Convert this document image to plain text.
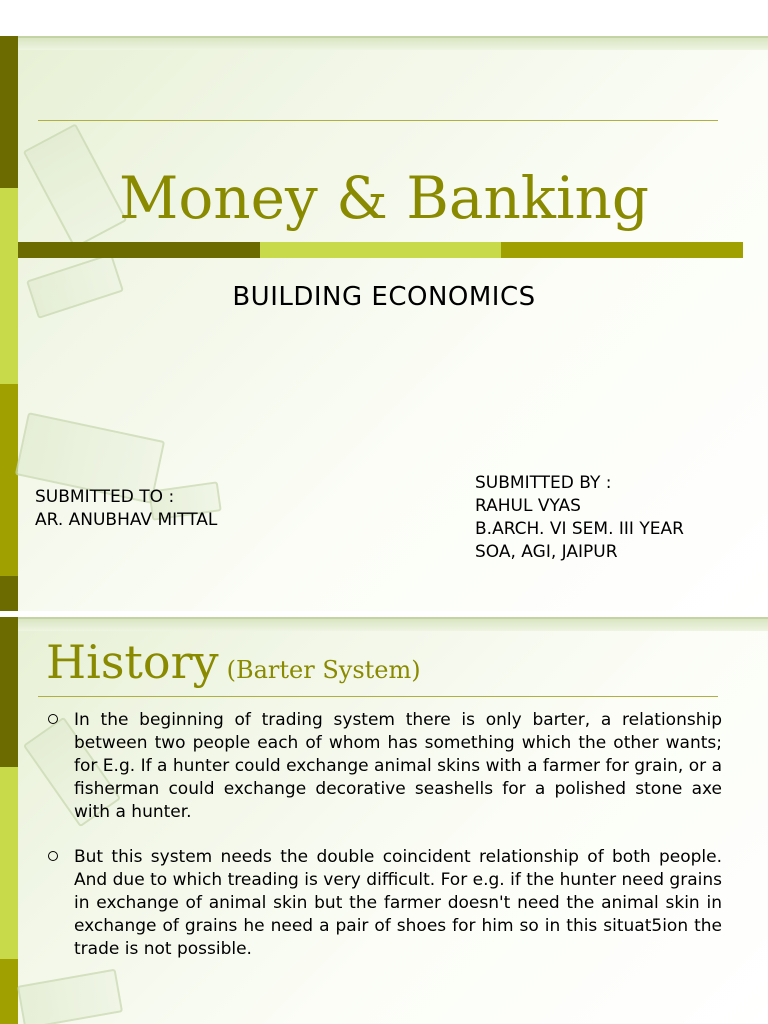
Money & Banking
BUILDING ECONOMICS
SUBMITTED TO :
AR. ANUBHAV MITTAL
SUBMITTED BY :
RAHUL VYAS
B.ARCH. VI SEM. III YEAR
SOA, AGI, JAIPUR
History (Barter System)
In the beginning of trading system there is only barter, a relationship between two people each of whom has something which the other wants; for E.g. If a hunter could exchange animal skins with a farmer for grain, or a fisherman could exchange decorative seashells for a polished stone axe with a hunter.
But this system needs the double coincident relationship of both people. And due to which treading is very difficult. For e.g. if the hunter need grains in exchange of animal skin but the farmer doesn't need the animal skin in exchange of grains he need a pair of shoes for him so in this situat5ion the trade is not possible.
